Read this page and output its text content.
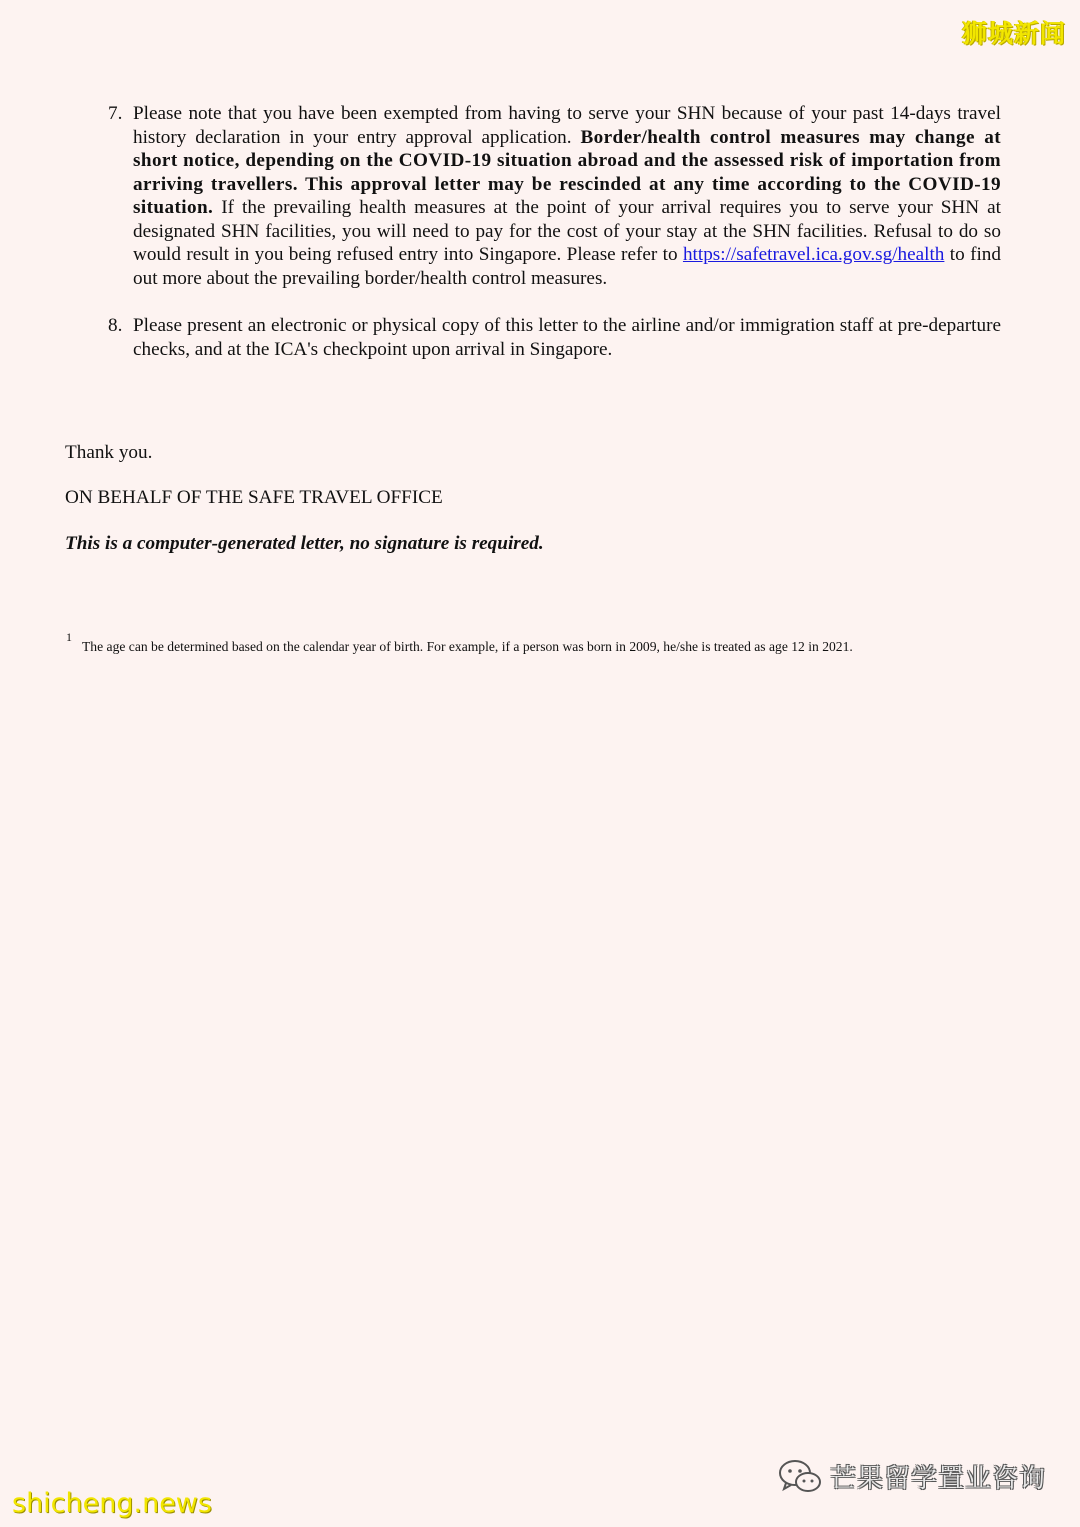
狮城新闻
7. Please note that you have been exempted from having to serve your SHN because of your past 14-days travel history declaration in your entry approval application. Border/health control measures may change at short notice, depending on the COVID-19 situation abroad and the assessed risk of importation from arriving travellers. This approval letter may be rescinded at any time according to the COVID-19 situation. If the prevailing health measures at the point of your arrival requires you to serve your SHN at designated SHN facilities, you will need to pay for the cost of your stay at the SHN facilities. Refusal to do so would result in you being refused entry into Singapore. Please refer to https://safetravel.ica.gov.sg/health to find out more about the prevailing border/health control measures.
8. Please present an electronic or physical copy of this letter to the airline and/or immigration staff at pre-departure checks, and at the ICA's checkpoint upon arrival in Singapore.
Thank you.
ON BEHALF OF THE SAFE TRAVEL OFFICE
This is a computer-generated letter, no signature is required.
1
The age can be determined based on the calendar year of birth. For example, if a person was born in 2009, he/she is treated as age 12 in 2021.
芒果留学置业咨询
shicheng.news
